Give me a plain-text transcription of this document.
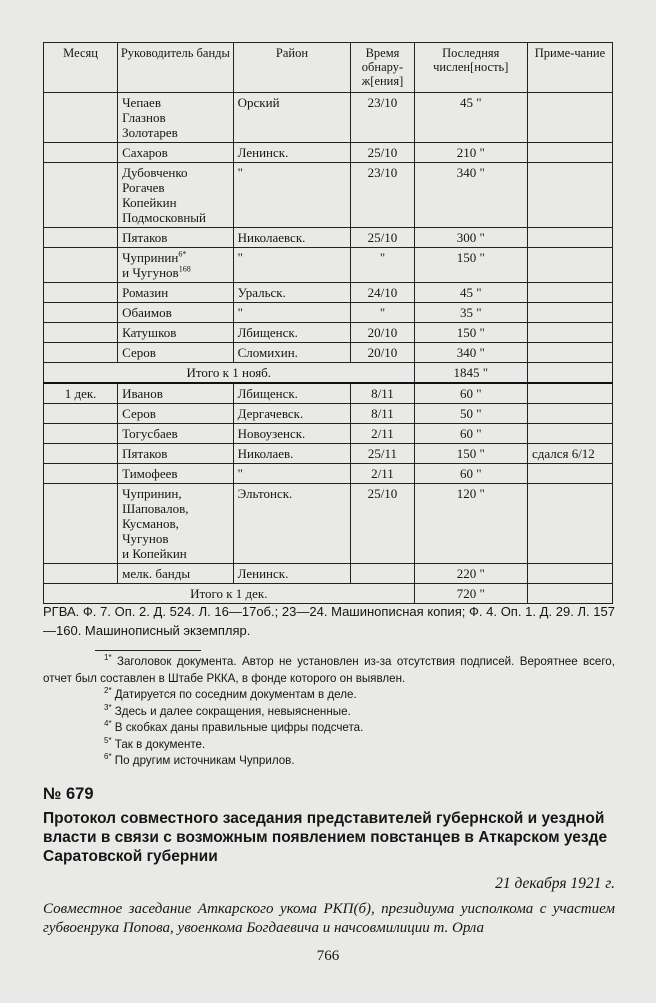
Месяц	Руководитель банды	Район	Время обнару-ж[ения]	Последняя числен[ность]	Приме-чание

	Чепаев
Глазнов
Золотарев	Орский	23/10	45 "	

	Сахаров	Ленинск.	25/10	210 "	

	Дубовченко
Рогачев
Копейкин
Подмосковный	"	23/10	340 "	

	Пятаков	Николаевск.	25/10	300 "	

	Чупринин$^{6*}$
и Чугунов$^{168}$	"	"	150 "	

	Ромазин	Уральск.	24/10	45 "	

	Обаимов	"	"	35 "	

	Катушков	Лбищенск.	20/10	150 "	

	Серов	Сломихин.	20/10	340 "	
Итого к 1 нояб.				1845 "	
1 дек.	Иванов	Лбищенск.	8/11	60 "	

	Серов	Дергачевск.	8/11	50 "	

	Тогусбаев	Новоузенск.	2/11	60 "	

	Пятаков	Николаев.	25/11	150 "	сдался 6/12

	Тимофеев	"	2/11	60 "	

	Чупринин,
Шаповалов,
Кусманов,
Чугунов
и Копейкин	Эльтонск.	25/10	120 "	

	мелк. банды	Ленинск.		220 "	
Итого к 1 дек.				720 "	
РГВА. Ф. 7. Оп. 2. Д. 524. Л. 16—17об.; 23—24. Машинописная копия; Ф. 4. Оп. 1. Д. 29. Л. 157—160. Машинописный экземпляр.
$^{1*}$ Заголовок документа. Автор не установлен из-за отсутствия подписей. Вероятнее всего, отчет был составлен в Штабе РККА, в фонде которого он выявлен.
$^{2*}$ Датируется по соседним документам в деле.
$^{3*}$ Здесь и далее сокращения, невыясненные.
$^{4*}$ В скобках даны правильные цифры подсчета.
$^{5*}$ Так в документе.
$^{6*}$ По другим источникам Чуприлов.
№ 679
Протокол совместного заседания представителей губернской и уездной власти в связи с возможным появлением повстанцев в Аткарском уезде Саратовской губернии
21 декабря 1921 г.
Совместное заседание Аткарского укома РКП(б), президиума уисполкома с участием губвоенрука Попова, увоенкома Богдаевича и начсовмилиции т. Орла
766
